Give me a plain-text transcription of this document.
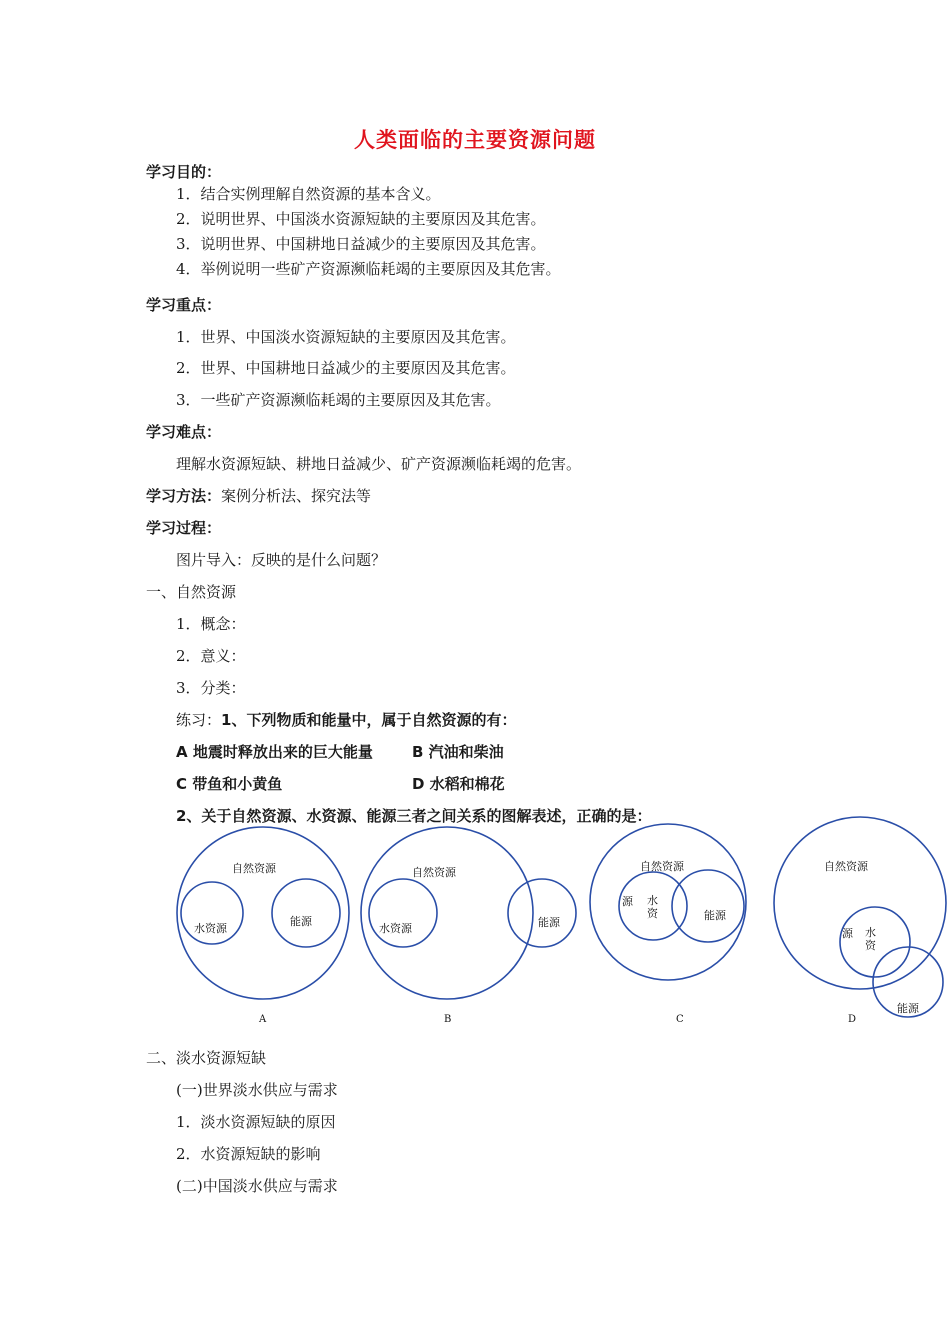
人类面临的主要资源问题
学习目的：
1．结合实例理解自然资源的基本含义。
2．说明世界、中国淡水资源短缺的主要原因及其危害。
3．说明世界、中国耕地日益减少的主要原因及其危害。
4．举例说明一些矿产资源濒临耗竭的主要原因及其危害。
学习重点：
1．世界、中国淡水资源短缺的主要原因及其危害。
2．世界、中国耕地日益减少的主要原因及其危害。
3．一些矿产资源濒临耗竭的主要原因及其危害。
学习难点：
理解水资源短缺、耕地日益减少、矿产资源濒临耗竭的危害。
学习方法：案例分析法、探究法等
学习过程：
图片导入：反映的是什么问题？
一、自然资源
1．概念：
2．意义：
3．分类：
练习：1、下列物质和能量中，属于自然资源的有：
A 地震时释放出来的巨大能量	B 汽油和柴油
C 带鱼和小黄鱼	D 水稻和棉花
2、关于自然资源、水资源、能源三者之间关系的图解表述，正确的是：
自然资源
水资源
能源
A
自然资源
水资源	能源
B
自然资源
源 水
资	能源
C
自然资源
源 水
资
能源
D
二、淡水资源短缺
(一)世界淡水供应与需求
1．淡水资源短缺的原因
2．水资源短缺的影响
(二)中国淡水供应与需求
